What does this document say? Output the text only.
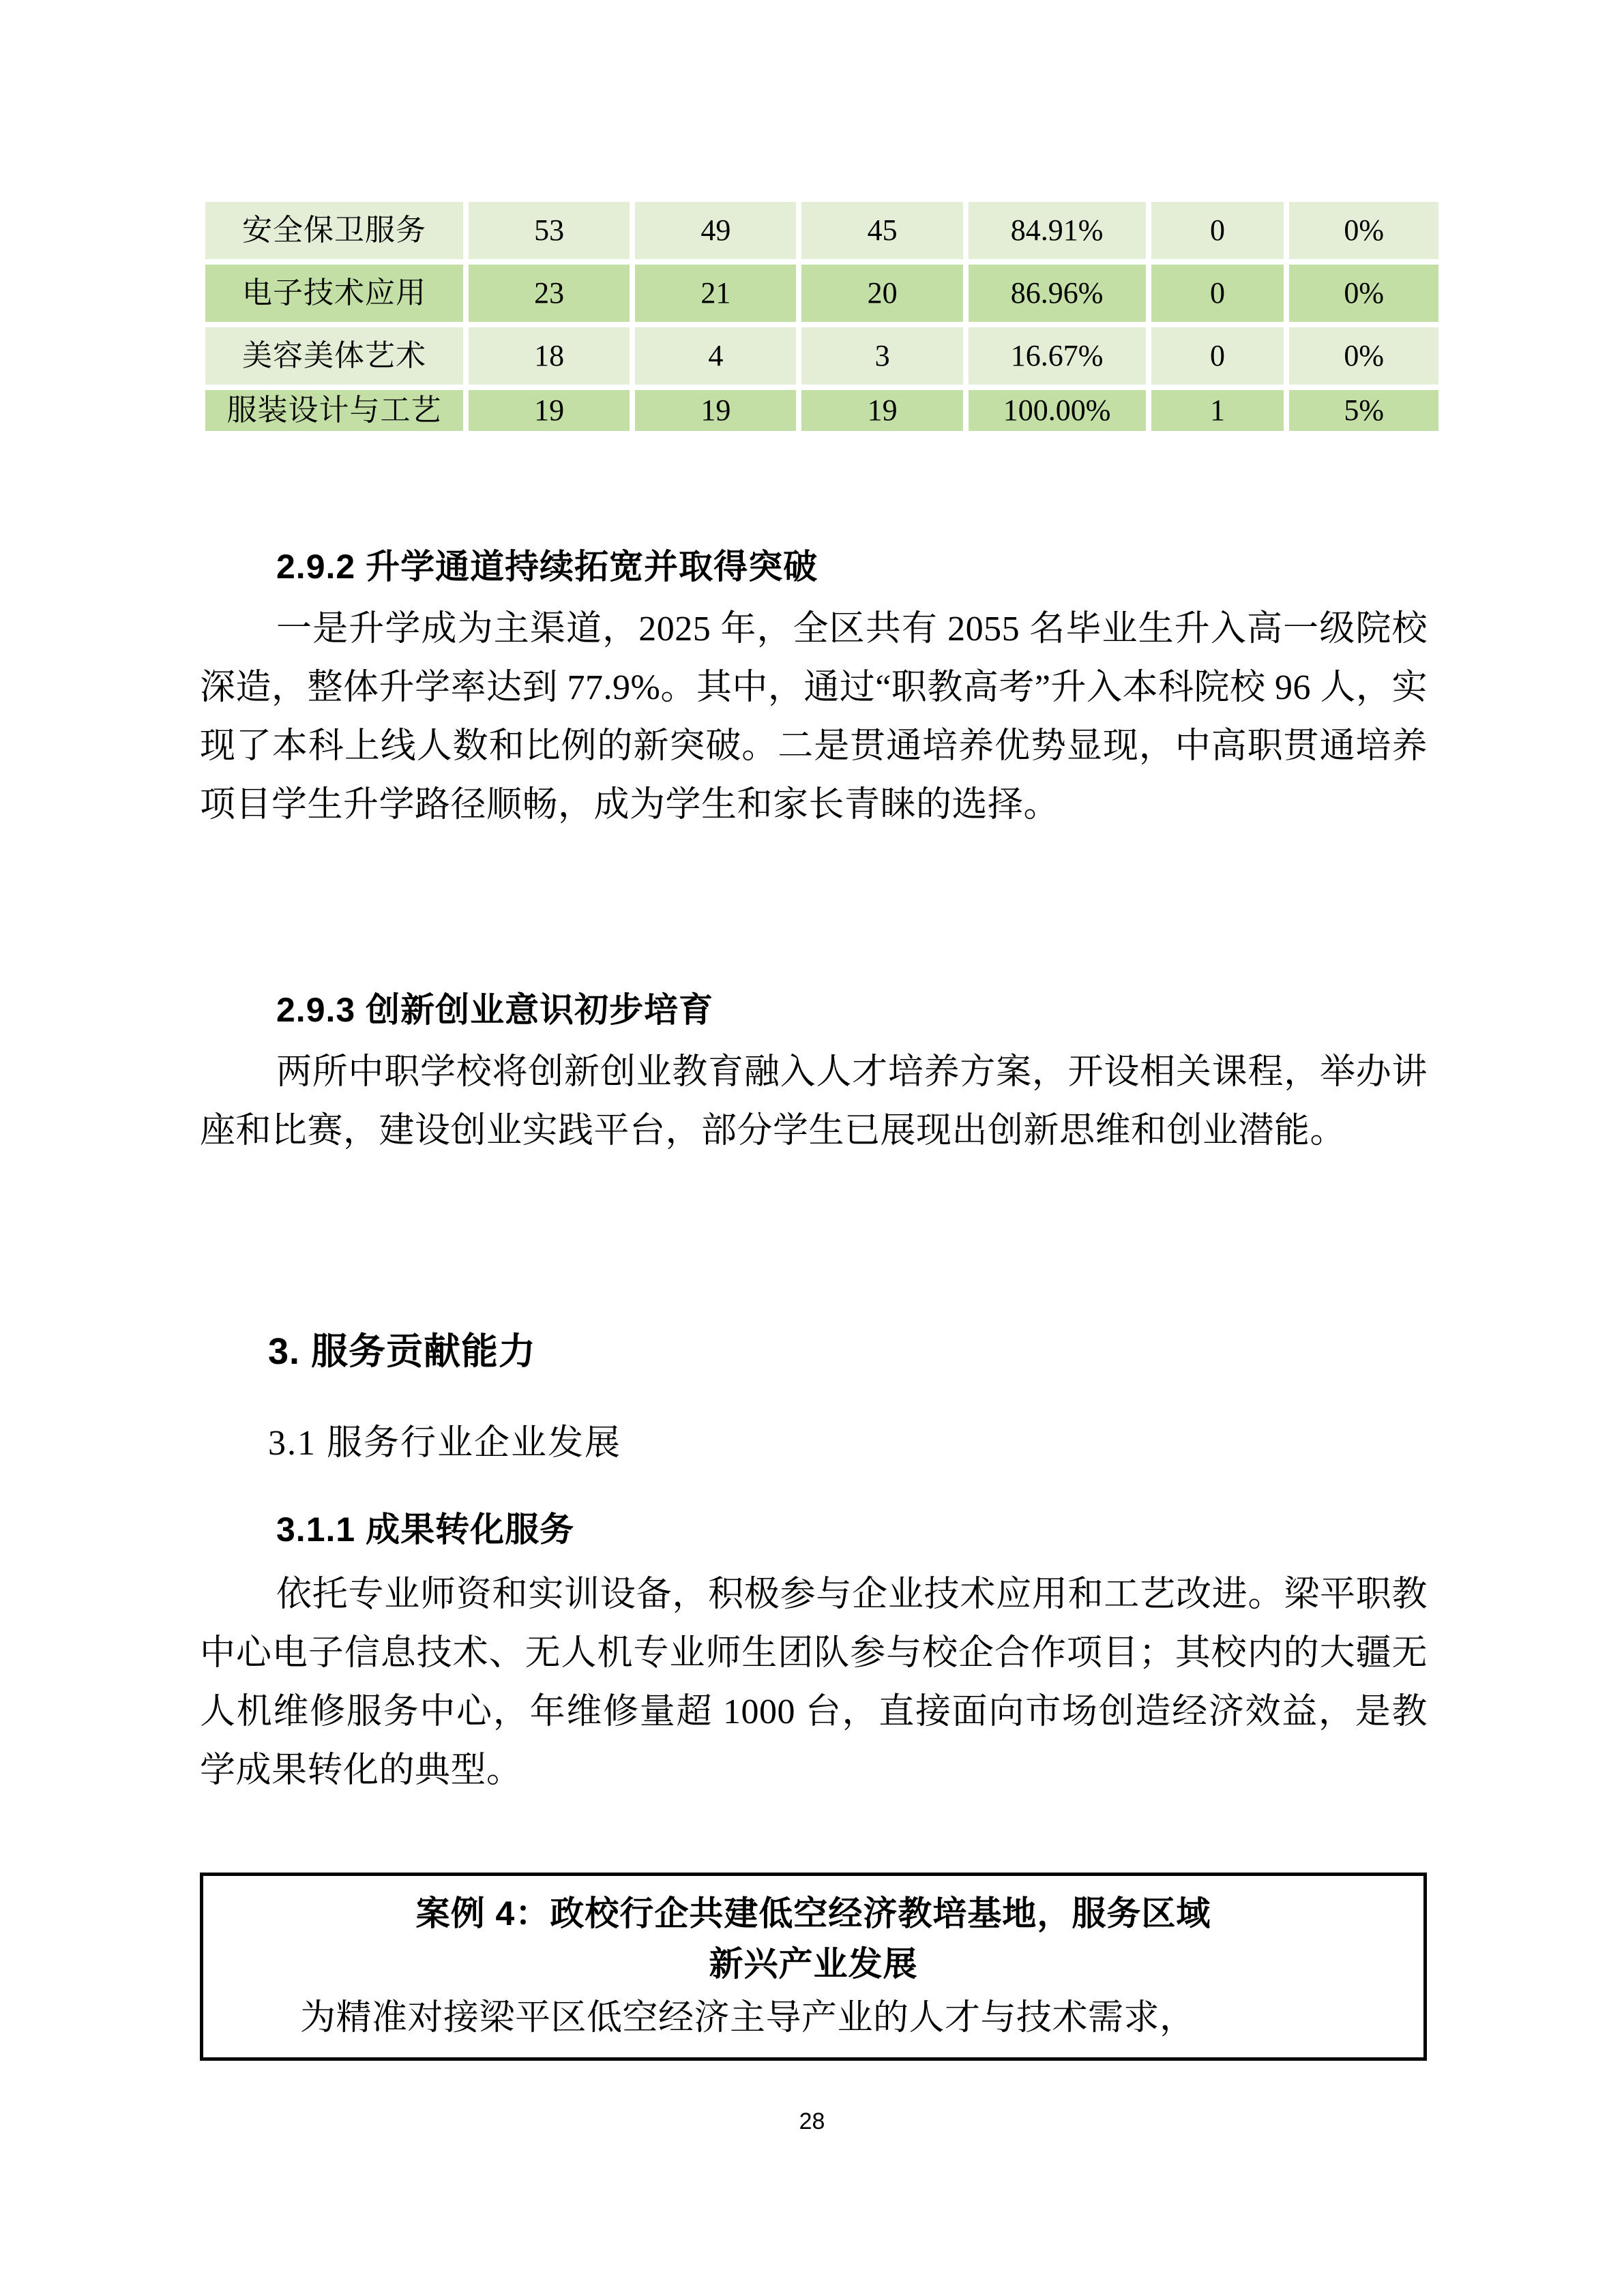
安全保卫服务	53	49	45	84.91%	0	0%
电子技术应用	23	21	20	86.96%	0	0%
美容美体艺术	18	4	3	16.67%	0	0%
服装设计与工艺	19	19	19	100.00%	1	5%
2.9.2 升学通道持续拓宽并取得突破

一是升学成为主渠道，2025 年，全区共有 2055 名毕业生升入高一级院校深造，整体升学率达到 77.9%。其中，通过“职教高考”升入本科院校 96 人，实现了本科上线人数和比例的新突破。二是贯通培养优势显现，中高职贯通培养项目学生升学路径顺畅，成为学生和家长青睐的选择。

2.9.3 创新创业意识初步培育

两所中职学校将创新创业教育融入人才培养方案，开设相关课程，举办讲座和比赛，建设创业实践平台，部分学生已展现出创新思维和创业潜能。

3. 服务贡献能力
3.1 服务行业企业发展
3.1.1 成果转化服务

依托专业师资和实训设备，积极参与企业技术应用和工艺改进。梁平职教中心电子信息技术、无人机专业师生团队参与校企合作项目；其校内的大疆无人机维修服务中心，年维修量超 1000 台，直接面向市场创造经济效益，是教学成果转化的典型。

案例 4：政校行企共建低空经济教培基地，服务区域
新兴产业发展

为精准对接梁平区低空经济主导产业的人才与技术需求，

28
